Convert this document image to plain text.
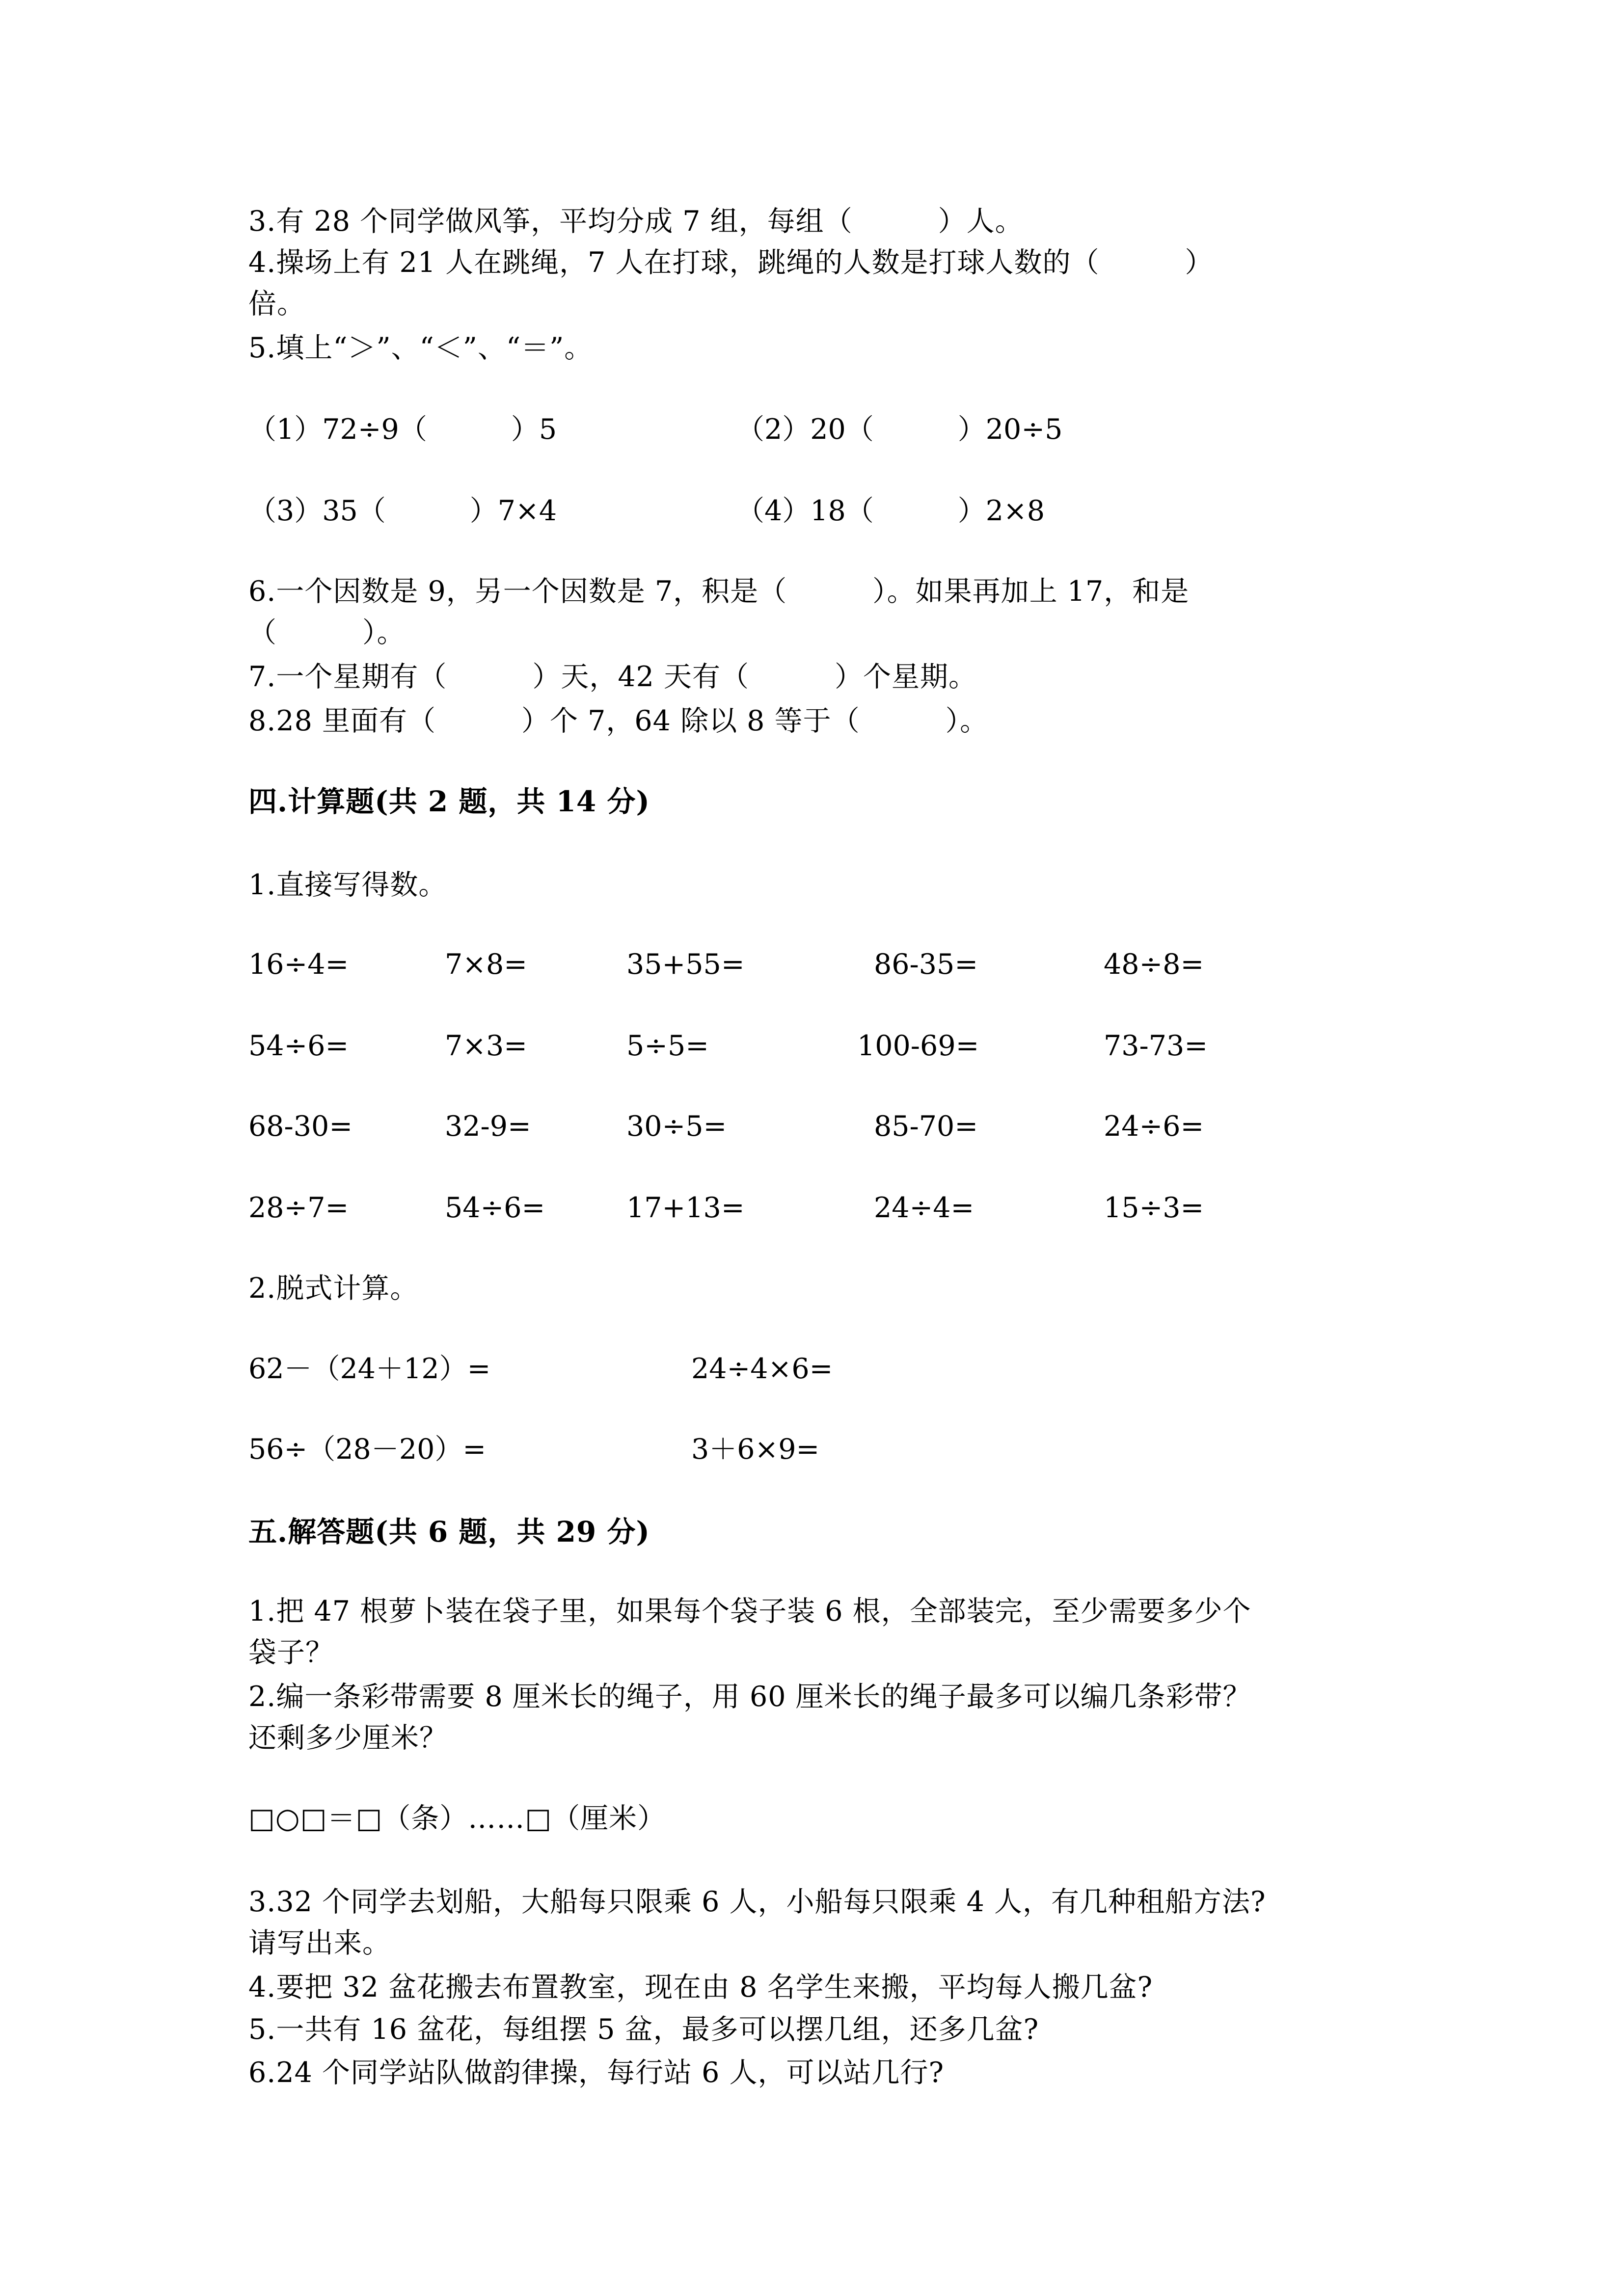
3.有 28 个同学做风筝，平均分成 7 组，每组（　　　）人。

4.操场上有 21 人在跳绳，7 人在打球，跳绳的人数是打球人数的（　　　）

倍。

5.填上“＞”、“＜”、“＝”。

（1）72÷9（　　　）5	（2）20（　　　）20÷5

（3）35（　　　）7×4	（4）18（　　　）2×8

6.一个因数是 9，另一个因数是 7，积是（　　　）。如果再加上 17，和是

（　　　）。

7.一个星期有（　　　）天，42 天有（　　　）个星期。

8.28 里面有（　　　）个 7，64 除以 8 等于（　　　）。

四.计算题(共 2 题，共 14 分)

1.直接写得数。

16÷4=	7×8=	35+55=	86-35=	48÷8=

54÷6=	7×3=	5÷5=	100-69=	73-73=

68-30=	32-9=	30÷5=	85-70=	24÷6=

28÷7=	54÷6=	17+13=	24÷4=	15÷3=

2.脱式计算。

62－（24＋12）=	24÷4×6=

56÷（28－20）=	3＋6×9=

五.解答题(共 6 题，共 29 分)

1.把 47 根萝卜装在袋子里，如果每个袋子装 6 根，全部装完，至少需要多少个

袋子？

2.编一条彩带需要 8 厘米长的绳子，用 60 厘米长的绳子最多可以编几条彩带？

还剩多少厘米？

□○□＝□（条）……□（厘米）

3.32 个同学去划船，大船每只限乘 6 人，小船每只限乘 4 人，有几种租船方法?

请写出来。

4.要把 32 盆花搬去布置教室，现在由 8 名学生来搬，平均每人搬几盆?

5.一共有 16 盆花，每组摆 5 盆，最多可以摆几组，还多几盆?

6.24 个同学站队做韵律操，每行站 6 人，可以站几行?
